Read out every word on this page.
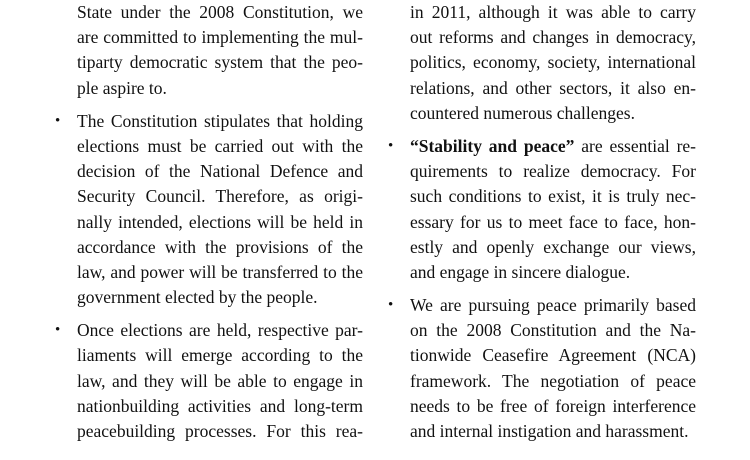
State under the 2008 Constitution, we
are committed to implementing the mul-
tiparty democratic system that the peo-
ple aspire to.
• The Constitution stipulates that holding
elections must be carried out with the
decision of the National Defence and
Security Council. Therefore, as origi-
nally intended, elections will be held in
accordance with the provisions of the
law, and power will be transferred to the
government elected by the people.
• Once elections are held, respective par-
liaments will emerge according to the
law, and they will be able to engage in
nationbuilding activities and long-term
peacebuilding processes. For this rea-
in 2011, although it was able to carry
out reforms and changes in democracy,
politics, economy, society, international
relations, and other sectors, it also en-
countered numerous challenges.
• “Stability and peace” are essential re-
quirements to realize democracy. For
such conditions to exist, it is truly nec-
essary for us to meet face to face, hon-
estly and openly exchange our views,
and engage in sincere dialogue.
• We are pursuing peace primarily based
on the 2008 Constitution and the Na-
tionwide Ceasefire Agreement (NCA)
framework. The negotiation of peace
needs to be free of foreign interference
and internal instigation and harassment.
